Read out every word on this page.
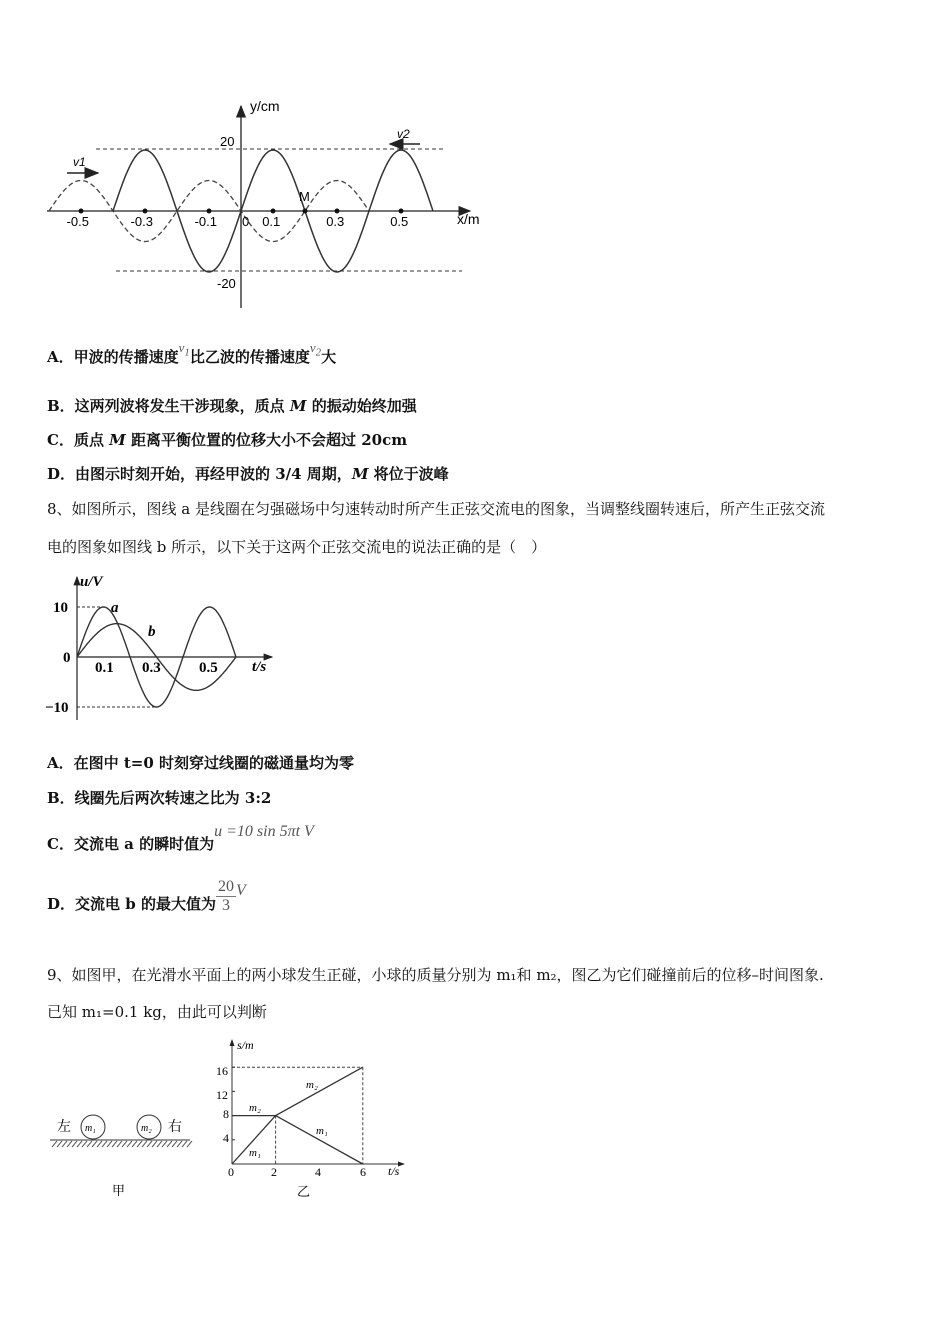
-0.5	-0.3	-0.1 0 0.1	0.3	0.5
y/cm
x/m
20
-20
M
v1
v2
A．甲波的传播速度$v_1$比乙波的传播速度$v_2$大
B．这两列波将发生干涉现象，质点 M 的振动始终加强
C．质点 M 距离平衡位置的位移大小不会超过 20cm
D．由图示时刻开始，再经甲波的 3/4 周期，M 将位于波峰
8、如图所示，图线 a 是线圈在匀强磁场中匀速转动时所产生正弦交流电的图象，当调整线圈转速后，所产生正弦交流
电的图象如图线 b 所示，以下关于这两个正弦交流电的说法正确的是（　）
u/V
t/s
10
0
−10
0.1 0.3	0.5
a
b
A．在图中 t=0 时刻穿过线圈的磁通量均为零
B．线圈先后两次转速之比为 3:2
C．交流电 a 的瞬时值为u =10 sin 5πt V
D．交流电 b 的最大值为 $\frac{20}{3}$ V
9、如图甲，在光滑水平面上的两小球发生正碰，小球的质量分别为 m₁和 m₂，图乙为它们碰撞前后的位移–时间图象.
已知 m₁=0.1 kg，由此可以判断
左 m₁	m₂ 右
甲
s/m
t/s
16
12
8
4
0	2	4	6
m₂
m₂
m₁
m₁
乙
